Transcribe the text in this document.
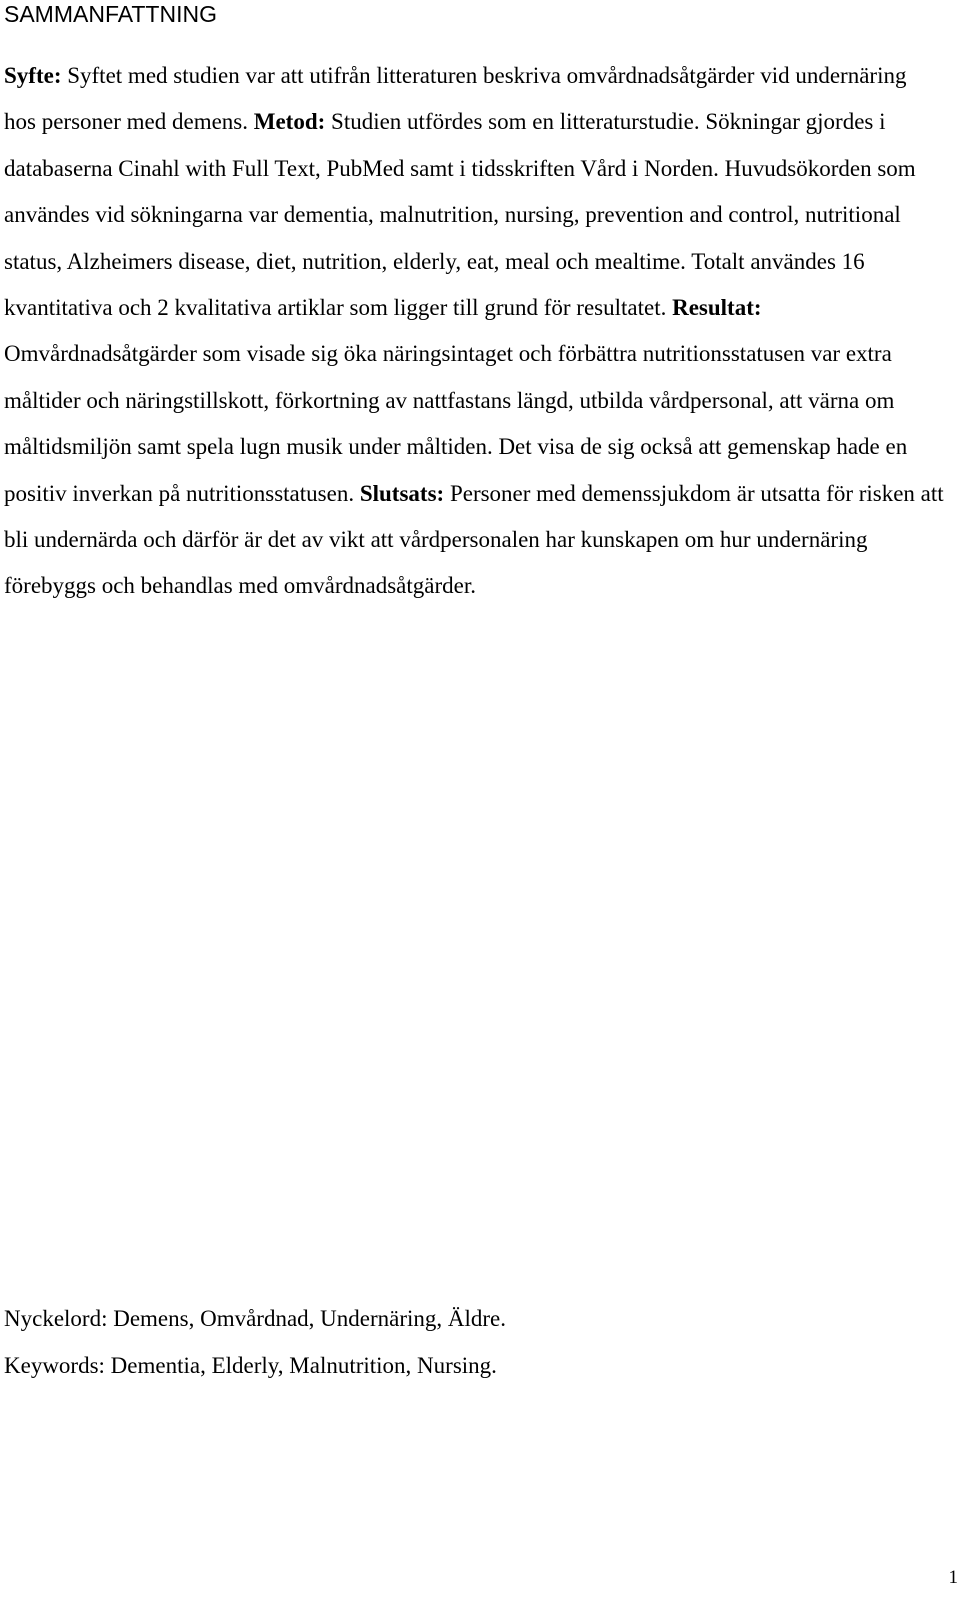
SAMMANFATTNING

Syfte: Syftet med studien var att utifrån litteraturen beskriva omvårdnadsåtgärder vid undernäring hos personer med demens. Metod: Studien utfördes som en litteraturstudie. Sökningar gjordes i databaserna Cinahl with Full Text, PubMed samt i tidsskriften Vård i Norden. Huvudsökorden som användes vid sökningarna var dementia, malnutrition, nursing, prevention and control, nutritional status, Alzheimers disease, diet, nutrition, elderly, eat, meal och mealtime. Totalt användes 16 kvantitativa och 2 kvalitativa artiklar som ligger till grund för resultatet. Resultat: Omvårdnadsåtgärder som visade sig öka näringsintaget och förbättra nutritionsstatusen var extra måltider och näringstillskott, förkortning av nattfastans längd, utbilda vårdpersonal, att värna om måltidsmiljön samt spela lugn musik under måltiden. Det visa de sig också att gemenskap hade en positiv inverkan på nutritionsstatusen. Slutsats: Personer med demenssjukdom är utsatta för risken att bli undernärda och därför är det av vikt att vårdpersonalen har kunskapen om hur undernäring förebyggs och behandlas med omvårdnadsåtgärder.

Nyckelord: Demens, Omvårdnad, Undernäring, Äldre.

Keywords: Dementia, Elderly, Malnutrition, Nursing.

1
